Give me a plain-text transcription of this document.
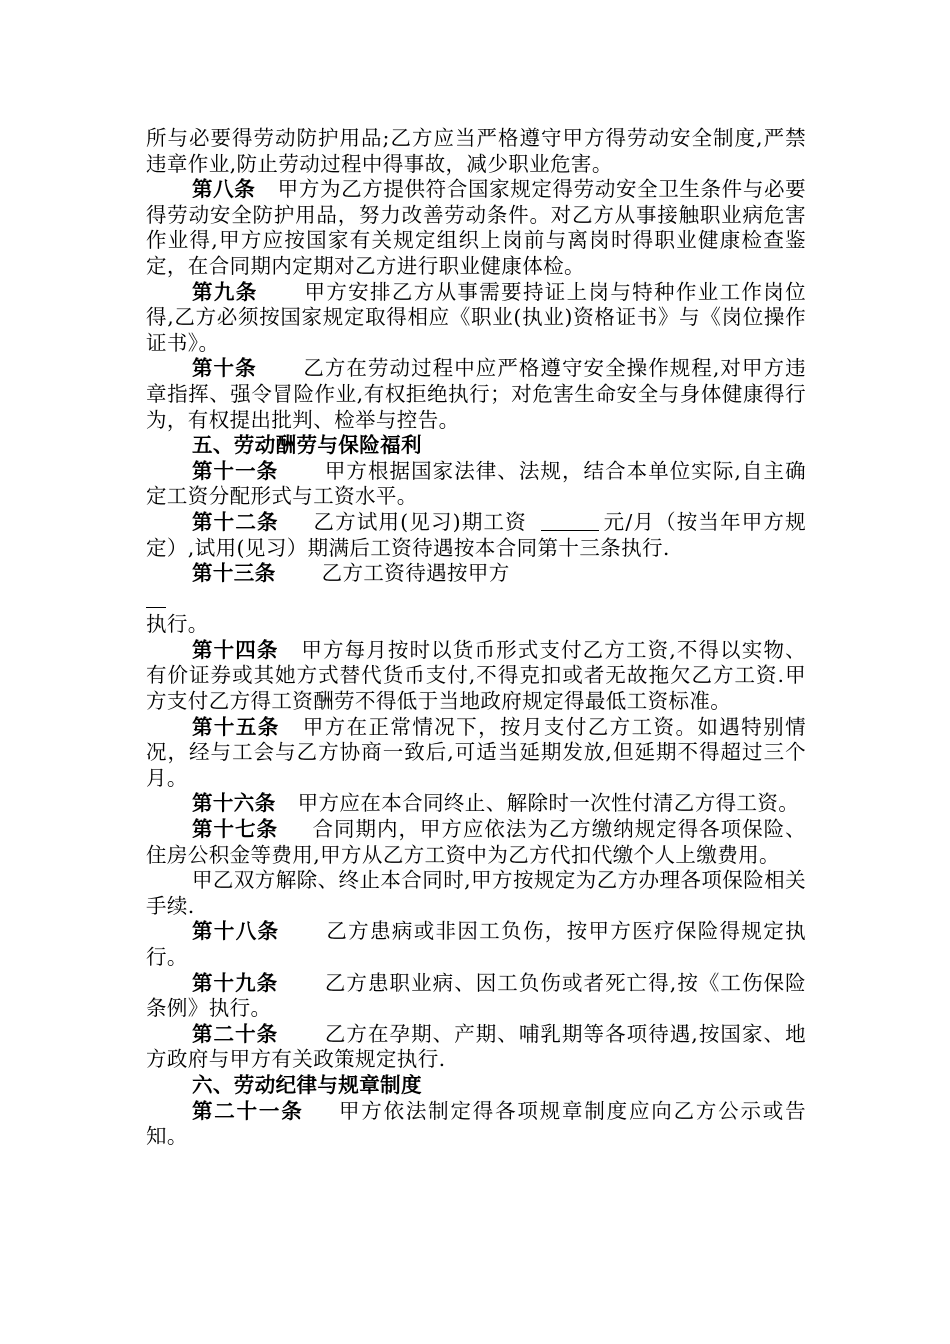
所与必要得劳动防护用品;乙方应当严格遵守甲方得劳动安全制度,严禁违章作业,防止劳动过程中得事故，减少职业危害。

第八条 甲方为乙方提供符合国家规定得劳动安全卫生条件与必要得劳动安全防护用品，努力改善劳动条件。对乙方从事接触职业病危害作业得,甲方应按国家有关规定组织上岗前与离岗时得职业健康检查鉴定，在合同期内定期对乙方进行职业健康体检。

第九条 甲方安排乙方从事需要持证上岗与特种作业工作岗位得,乙方必须按国家规定取得相应《职业(执业)资格证书》与《岗位操作证书》。

第十条 乙方在劳动过程中应严格遵守安全操作规程,对甲方违章指挥、强令冒险作业,有权拒绝执行；对危害生命安全与身体健康得行为，有权提出批判、检举与控告。

五、劳动酬劳与保险福利

第十一条 甲方根据国家法律、法规，结合本单位实际,自主确定工资分配形式与工资水平。

第十二条 乙方试用(见习)期工资	元/月（按当年甲方规定）,试用(见习）期满后工资待遇按本合同第十三条执行.

第十三条 乙方工资待遇按甲方

执行。

第十四条 甲方每月按时以货币形式支付乙方工资,不得以实物、有价证券或其她方式替代货币支付,不得克扣或者无故拖欠乙方工资.甲方支付乙方得工资酬劳不得低于当地政府规定得最低工资标准。

第十五条 甲方在正常情况下，按月支付乙方工资。如遇特别情况，经与工会与乙方协商一致后,可适当延期发放,但延期不得超过三个月。

第十六条 甲方应在本合同终止、解除时一次性付清乙方得工资。

第十七条 合同期内，甲方应依法为乙方缴纳规定得各项保险、住房公积金等费用,甲方从乙方工资中为乙方代扣代缴个人上缴费用。

甲乙双方解除、终止本合同时,甲方按规定为乙方办理各项保险相关手续.

第十八条 乙方患病或非因工负伤，按甲方医疗保险得规定执行。

第十九条 乙方患职业病、因工负伤或者死亡得,按《工伤保险条例》执行。

第二十条 乙方在孕期、产期、哺乳期等各项待遇,按国家、地方政府与甲方有关政策规定执行.

六、劳动纪律与规章制度

第二十一条 甲方依法制定得各项规章制度应向乙方公示或告知。
